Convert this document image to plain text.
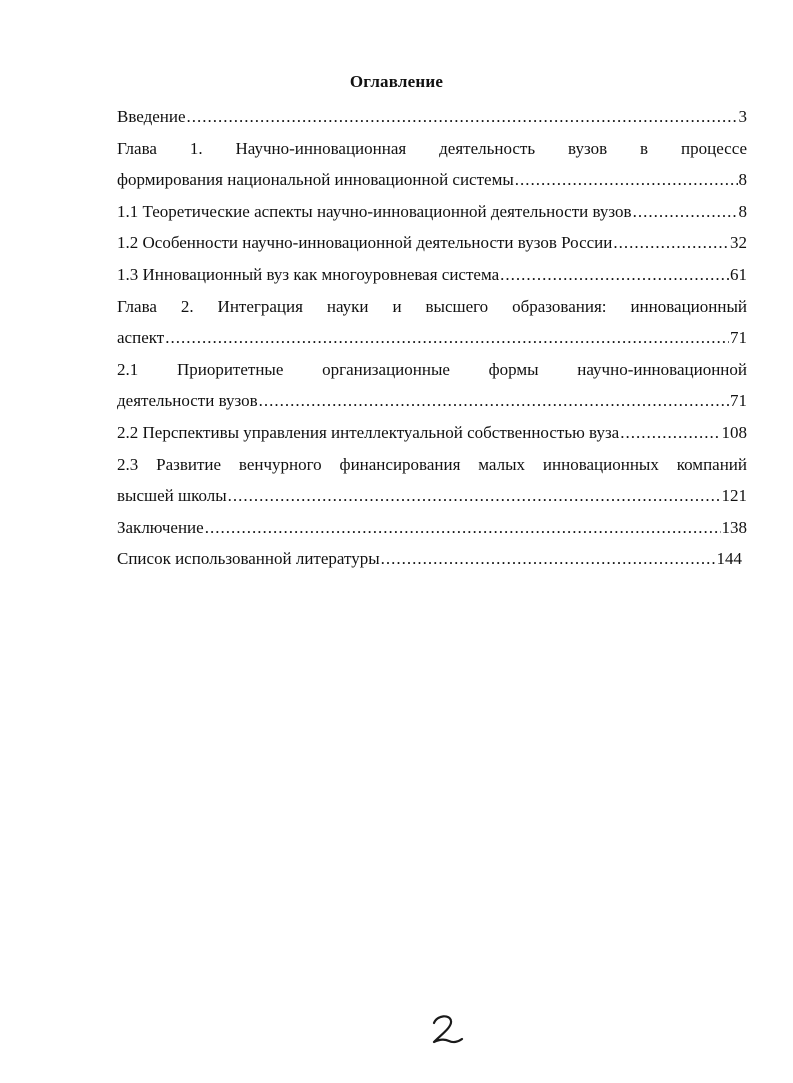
Оглавление
Введение .....	3
Глава 1. Научно-инновационная деятельность вузов в процессе
формирования национальной инновационной системы .....	8
1.1 Теоретические аспекты научно-инновационной деятельности вузов .....	8
1.2 Особенности научно-инновационной деятельности вузов России .....	32
1.3 Инновационный вуз как многоуровневая система .....	61
Глава 2. Интеграция науки и высшего образования: инновационный
аспект .....	71
2.1 Приоритетные организационные формы научно-инновационной
деятельности вузов .....	71
2.2 Перспективы управления интеллектуальной собственностью вуза .....	108
2.3 Развитие венчурного финансирования малых инновационных компаний
высшей школы .....	121
Заключение .....	138
Список использованной литературы .....	144
